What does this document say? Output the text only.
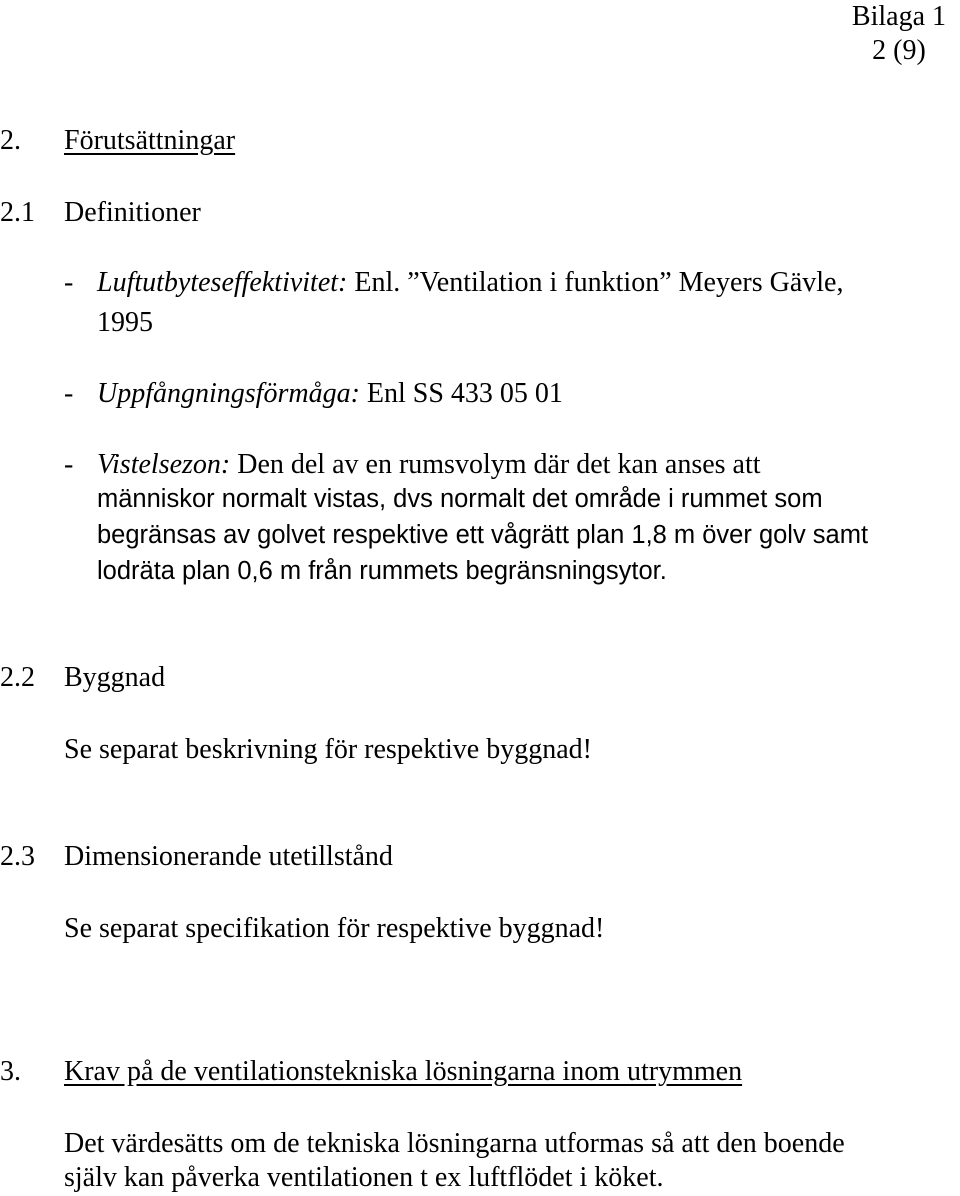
Bilaga 1
2 (9)
2. Förutsättningar
2.1 Definitioner
- Luftutbyteseffektivitet: Enl. ”Ventilation i funktion” Meyers Gävle,
1995
- Uppfångningsförmåga: Enl SS 433 05 01
- Vistelsezon: Den del av en rumsvolym där det kan anses att
människor normalt vistas, dvs normalt det område i rummet som
begränsas av golvet respektive ett vågrätt plan 1,8 m över golv samt
lodräta plan 0,6 m från rummets begränsningsytor.
2.2 Byggnad
Se separat beskrivning för respektive byggnad!
2.3 Dimensionerande utetillstånd
Se separat specifikation för respektive byggnad!
3. Krav på de ventilationstekniska lösningarna inom utrymmen
Det värdesätts om de tekniska lösningarna utformas så att den boende
själv kan påverka ventilationen t ex luftflödet i köket.
